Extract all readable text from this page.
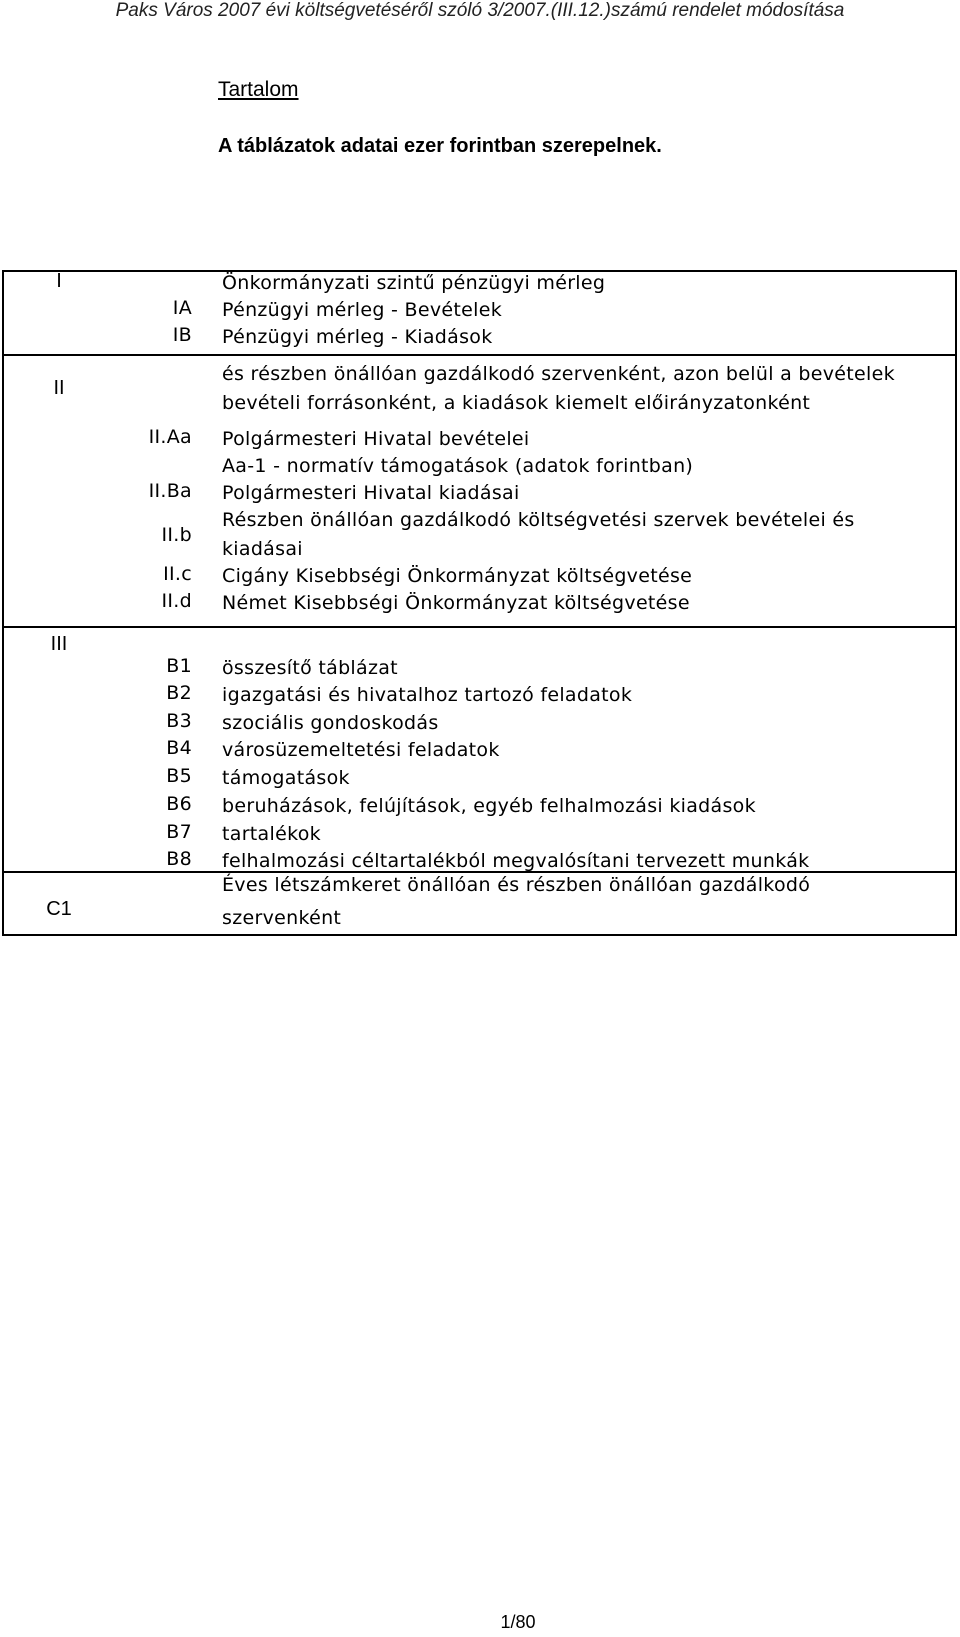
Paks Város 2007 évi költségvetéséről szóló 3/2007.(III.12.)számú rendelet módosítása
Tartalom
A táblázatok adatai ezer forintban szerepelnek.
I	Önkormányzati szintű pénzügyi mérleg
IA Pénzügyi mérleg - Bevételek
IB Pénzügyi mérleg - Kiadások
II
és részben önállóan gazdálkodó szervenként, azon belül a bevételek
bevételi forrásonként, a kiadások kiemelt előirányzatonként
II.Aa Polgármesteri Hivatal bevételei
Aa-1 - normatív támogatások (adatok forintban)
II.Ba Polgármesteri Hivatal kiadásai
II.b
Részben önállóan gazdálkodó költségvetési szervek bevételei és
kiadásai
II.c Cigány Kisebbségi Önkormányzat költségvetése
II.d Német Kisebbségi Önkormányzat költségvetése
III
B1 összesítő táblázat
B2 igazgatási és hivatalhoz tartozó feladatok
B3 szociális gondoskodás
B4 városüzemeltetési feladatok
B5 támogatások
B6 beruházások, felújítások, egyéb felhalmozási kiadások
B7 tartalékok
B8 felhalmozási céltartalékból megvalósítani tervezett munkák
C1
Éves létszámkeret önállóan és részben önállóan gazdálkodó
szervenként
1/80
